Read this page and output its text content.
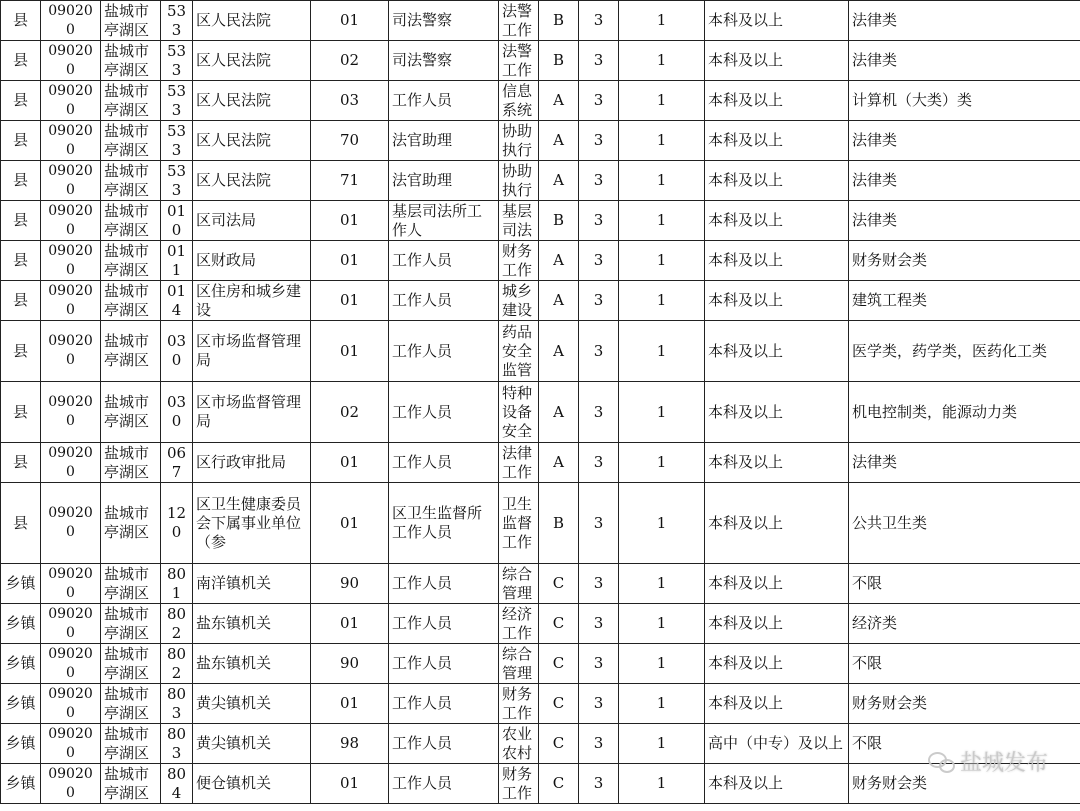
县	090200	盐城市亭湖区	533	区人民法院	01	司法警察	法警工作	B	3	1	本科及以上	法律类

县	090200	盐城市亭湖区	533	区人民法院	02	司法警察	法警工作	B	3	1	本科及以上	法律类

县	090200	盐城市亭湖区	533	区人民法院	03	工作人员	信息系统	A	3	1	本科及以上	计算机（大类）类

县	090200	盐城市亭湖区	533	区人民法院	70	法官助理	协助执行	A	3	1	本科及以上	法律类

县	090200	盐城市亭湖区	533	区人民法院	71	法官助理	协助执行	A	3	1	本科及以上	法律类

县	090200	盐城市亭湖区	010	区司法局	01	基层司法所工作人	基层司法	B	3	1	本科及以上	法律类

县	090200	盐城市亭湖区	011	区财政局	01	工作人员	财务工作	A	3	1	本科及以上	财务财会类

县	090200	盐城市亭湖区	014	区住房和城乡建设	01	工作人员	城乡建设	A	3	1	本科及以上	建筑工程类

县	090200	盐城市亭湖区	030	区市场监督管理局	01	工作人员	药品安全监管	A	3	1	本科及以上	医学类，药学类，医药化工类

县	090200	盐城市亭湖区	030	区市场监督管理局	02	工作人员	特种设备安全	A	3	1	本科及以上	机电控制类，能源动力类

县	090200	盐城市亭湖区	067	区行政审批局	01	工作人员	法律工作	A	3	1	本科及以上	法律类

县	090200	盐城市亭湖区	120	区卫生健康委员会下属事业单位（参	01	区卫生监督所工作人员	卫生监督工作	B	3	1	本科及以上	公共卫生类

乡镇	090200	盐城市亭湖区	801	南洋镇机关	90	工作人员	综合管理	C	3	1	本科及以上	不限

乡镇	090200	盐城市亭湖区	802	盐东镇机关	01	工作人员	经济工作	C	3	1	本科及以上	经济类	

乡镇	090200	盐城市亭湖区	802	盐东镇机关	90	工作人员	综合管理	C	3	1	本科及以上	不限

乡镇	090200	盐城市亭湖区	803	黄尖镇机关	01	工作人员	财务工作	C	3	1	本科及以上	财务财会类

乡镇	090200	盐城市亭湖区	803	黄尖镇机关	98	工作人员	农业农村	C	3	1	高中（中专）及以上	不限

乡镇	090200	盐城市亭湖区	804	便仓镇机关	01	工作人员	财务工作	C	3	1	本科及以上	财务财会类	

盐城发布
